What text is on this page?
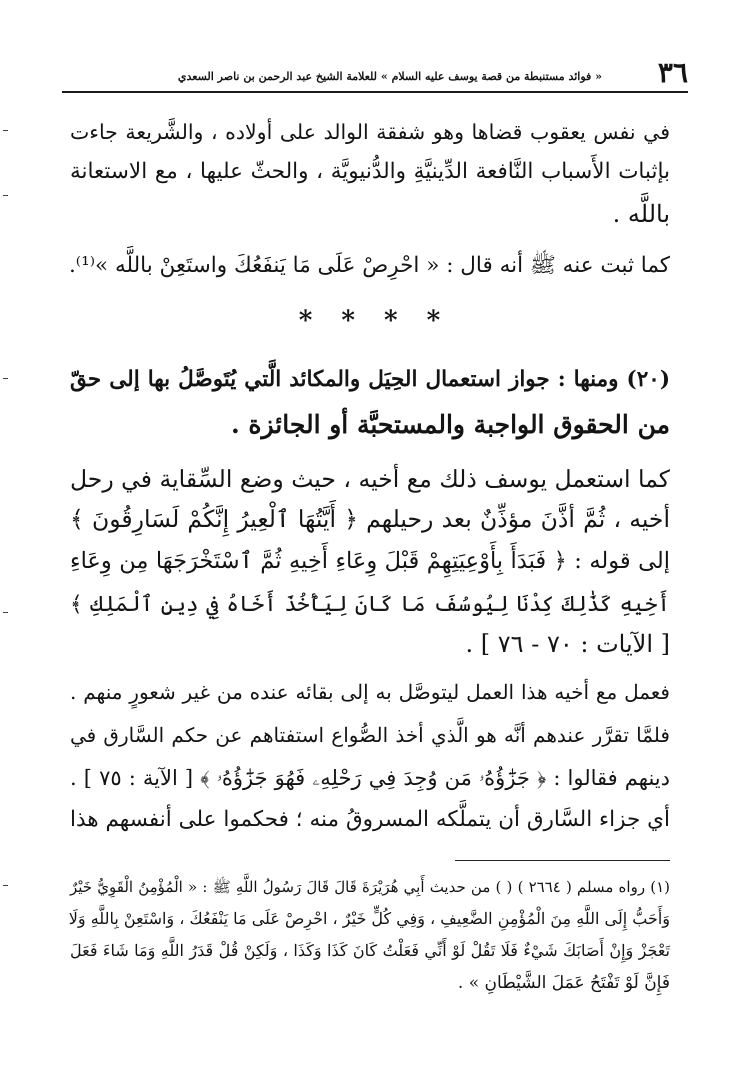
« فوائد مستنبطة من قصة يوسف عليه السلام » للعلامة الشيخ عبد الرحمن بن ناصر السعدي ٣٦
في نفس يعقوب قضاها وهو شفقة الوالد على أولاده ، والشَّريعة جاءت
بإثبات الأَسباب النَّافعة الدِّينيَّةِ والدُّنيويَّة ، والحثّ عليها ، مع الاستعانة
باللَّه .
كما ثبت عنه ﷺ أنه قال : « احْرِصْ عَلَى مَا يَنفَعُكَ واستَعِنْ باللَّه »⁽¹⁾.
* * * *
(٢٠) ومنها : جواز استعمال الحِيَل والمكائد الَّتي يُتَوصَّلُ بها إلى حقّ
من الحقوق الواجبة والمستحبَّة أو الجائزة .
كما استعمل يوسف ذلك مع أخيه ، حيث وضع السِّقاية في رحل
أخيه ، ثُمَّ أذَّنَ مؤذِّنٌ بعد رحيلهم ﴿ أَيَّتُهَا ٱلْعِيرُ إِنَّكُمْ لَسَارِقُونَ ﴾
إلى قوله : ﴿ فَبَدَأَ بِأَوْعِيَتِهِمْ قَبْلَ وِعَاءِ أَخِيهِ ثُمَّ ٱسْتَخْرَجَهَا مِن وِعَاءِ
أَخِيهِ كَذَٰلِكَ كِدْنَا لِيُوسُفَ مَا كَانَ لِيَأْخُذَ أَخَاهُ فِي دِينِ ٱلْمَلِكِ ﴾
[ الآيات : ٧٠ - ٧٦ ] .
فعمل مع أخيه هذا العمل ليتوصَّل به إلى بقائه عنده من غير شعورٍ منهم .
فلمَّا تقرَّر عندهم أنَّه هو الَّذي أخذ الصُّواع استفتاهم عن حكم السَّارق في
دينهم فقالوا : ﴿ جَزَٰٓؤُهُۥ مَن وُجِدَ فِي رَحْلِهِۦ فَهُوَ جَزَٰٓؤُهُۥ ﴾ [ الآية : ٧٥ ] .
أي جزاء السَّارق أن يتملَّكه المسروقُ منه ؛ فحكموا على أنفسهم هذا
(١) رواه مسلم ( ٢٦٦٤ ) ( ) من حديث أَبِي هُرَيْرَةَ قَالَ قَالَ رَسُولُ اللَّهِ ﷺ : « الْمُؤْمِنُ الْقَوِيُّ خَيْرٌ
وَأَحَبُّ إِلَى اللَّهِ مِنَ الْمُؤْمِنِ الضَّعِيفِ ، وَفِي كُلٍّ خَيْرٌ ، احْرِصْ عَلَى مَا يَنْفَعُكَ ، وَاسْتَعِنْ بِاللَّهِ وَلَا
تَعْجَزْ وَإِنْ أَصَابَكَ شَيْءٌ فَلَا تَقُلْ لَوْ أَنِّي فَعَلْتُ كَانَ كَذَا وَكَذَا ، وَلَكِنْ قُلْ قَدَرُ اللَّهِ وَمَا شَاءَ فَعَلَ
فَإِنَّ لَوْ تَفْتَحُ عَمَلَ الشَّيْطَانِ » .
